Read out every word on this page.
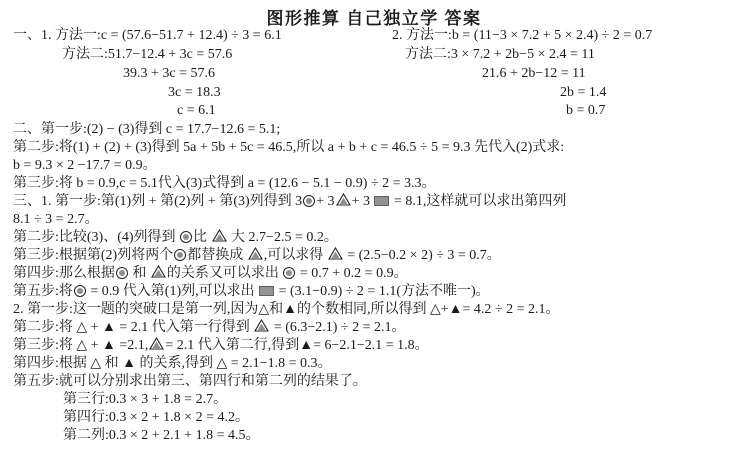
图形推算 自己独立学 答案
一、1. 方法一:c = (57.6−51.7 + 12.4) ÷ 3 = 6.1	2. 方法一:b = (11−3 × 7.2 + 5 × 2.4) ÷ 2 = 0.7
方法二:51.7−12.4 + 3c = 57.6	方法二:3 × 7.2 + 2b−5 × 2.4 = 11
39.3 + 3c = 57.6	21.6 + 2b−12 = 11
3c = 18.3	2b = 1.4
c = 6.1	b = 0.7
二、第一步:(2) − (3)得到 c = 17.7−12.6 = 5.1;
第二步:将(1) + (2) + (3)得到 5a + 5b + 5c = 46.5,所以 a + b + c = 46.5 ÷ 5 = 9.3 先代入(2)式求:
b = 9.3 × 2 −17.7 = 0.9。
第三步:将 b = 0.9,c = 5.1代入(3)式得到 a = (12.6 − 5.1 − 0.9) ÷ 2 = 3.3。
三、1. 第一步:第(1)列 + 第(2)列 + 第(3)列得到 3 + 3 + 3  = 8.1,这样就可以求出第四列
8.1 ÷ 3 = 2.7。
第二步:比较(3)、(4)列得到 比
大 2.7−2.5 = 0.2。
第三步:根据第(2)列将两个 都替换成
,可以求得
= (2.5−0.2 × 2) ÷ 3 = 0.7。
第四步:那么根据 和
的关系又可以求出  = 0.7 + 0.2 = 0.9。
第五步:将 = 0.9 代入第(1)列,可以求出  = (3.1−0.9) ÷ 2 = 1.1(方法不唯一)。
2. 第一步:这一题的突破口是第一列,因为△和▲的个数相同,所以得到 △+▲= 4.2 ÷ 2 = 2.1。
第二步:将 △ + ▲ = 2.1 代入第一行得到
= (6.3−2.1) ÷ 2 = 2.1。
第三步:将 △ + ▲ =2.1, = 2.1 代入第二行,得到▲= 6−2.1−2.1 = 1.8。
第四步:根据 △ 和 ▲ 的关系,得到 △ = 2.1−1.8 = 0.3。
第五步:就可以分别求出第三、第四行和第二列的结果了。
第三行:0.3 × 3 + 1.8 = 2.7。
第四行:0.3 × 2 + 1.8 × 2 = 4.2。
第二列:0.3 × 2 + 2.1 + 1.8 = 4.5。
